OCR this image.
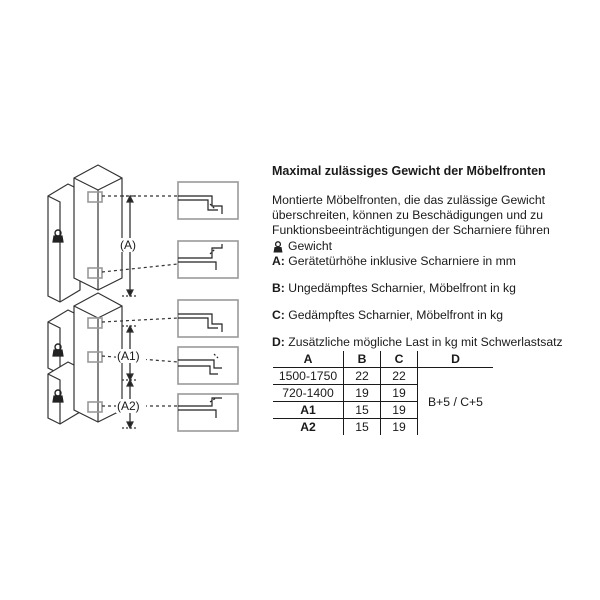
(A)
(A1)
(A2)

Maximal zulässiges Gewicht der Möbelfronten

Montierte Möbelfronten, die das zulässige Gewicht
überschreiten, können zu Beschädigungen und zu
Funktionsbeeinträchtigungen der Scharniere führen
Gewicht

A: Gerätetürhöhe inklusive Scharniere in mm

B: Ungedämpftes Scharnier, Möbelfront in kg

C: Gedämpftes Scharnier, Möbelfront in kg

D: Zusätzliche mögliche Last in kg mit Schwerlastsatz

A	B	C	D
1500-1750	22	22	B+5 / C+5
720-1400	19	19	
A1	15	19	
A2	15	19	
